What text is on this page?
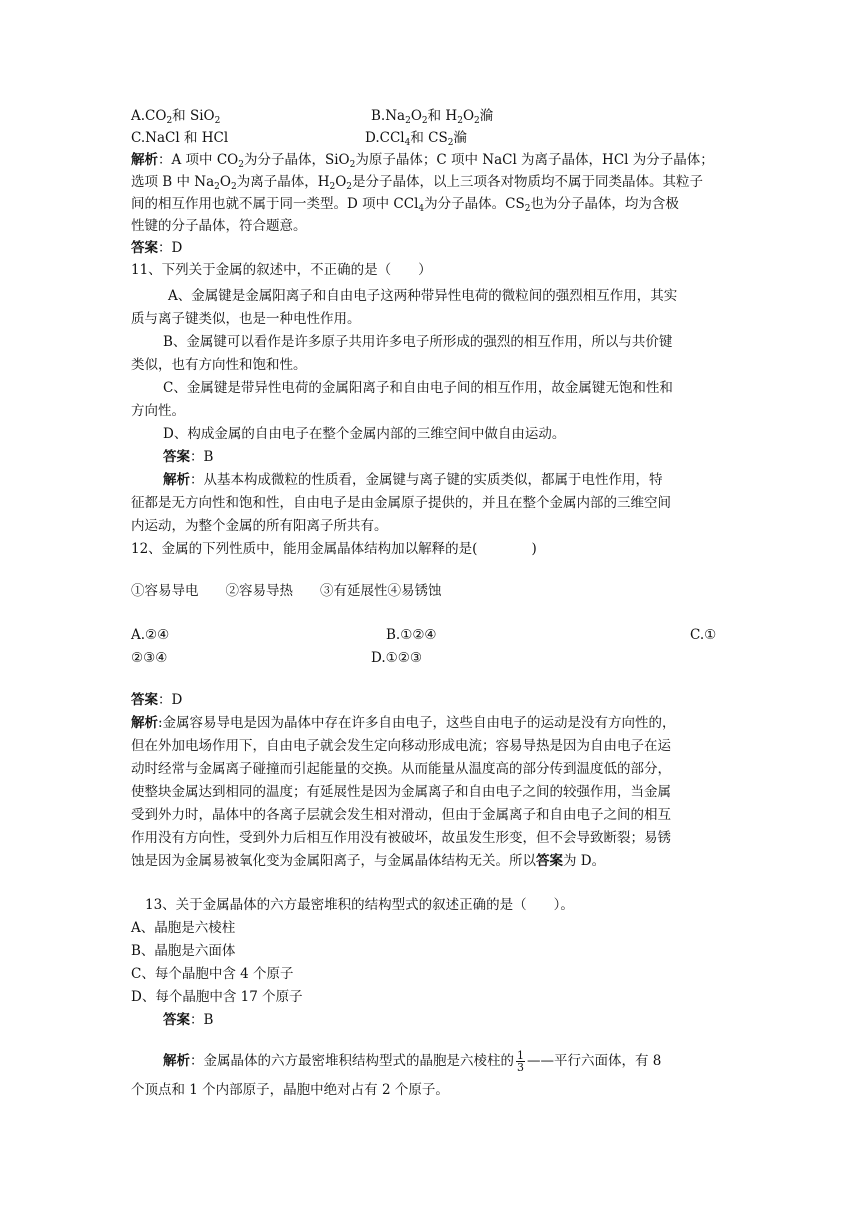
$A.CO_2$和 SiO$_2$	$B.Na_2O_2$和 $H_2O_2$溣
C.NaCl 和 HCl	D.CCl$_4$和 $CS_2$溣
解析：A 项中 $CO_2$为分子晶体，SiO$_2$为原子晶体；C 项中 NaCl 为离子晶体，HCl 为分子晶体；
选项 B 中 $Na_2O_2$为离子晶体，$H_2O_2$是分子晶体，以上三项各对物质均不属于同类晶体。其粒子
间的相互作用也就不属于同一类型。D 项中 CCl$_4$为分子晶体。$CS_2$也为分子晶体，均为含极
性键的分子晶体，符合题意。
答案：D
11、下列关于金属的叙述中，不正确的是（　　）
A、金属键是金属阳离子和自由电子这两种带异性电荷的微粒间的强烈相互作用，其实
质与离子键类似，也是一种电性作用。
B、金属键可以看作是许多原子共用许多电子所形成的强烈的相互作用，所以与共价键
类似，也有方向性和饱和性。
C、金属键是带异性电荷的金属阳离子和自由电子间的相互作用，故金属键无饱和性和
方向性。
D、构成金属的自由电子在整个金属内部的三维空间中做自由运动。
答案：B
解析：从基本构成微粒的性质看，金属键与离子键的实质类似，都属于电性作用，特
征都是无方向性和饱和性，自由电子是由金属原子提供的，并且在整个金属内部的三维空间
内运动，为整个金属的所有阳离子所共有。
12、金属的下列性质中，能用金属晶体结构加以解释的是(　　　　)
①容易导电　　②容易导热　　③有延展性④易锈蚀
A.②④	B.①②④	C.①
②③④	D.①②③
答案：D
解析:金属容易导电是因为晶体中存在许多自由电子，这些自由电子的运动是没有方向性的，
但在外加电场作用下，自由电子就会发生定向移动形成电流；容易导热是因为自由电子在运
动时经常与金属离子碰撞而引起能量的交换。从而能量从温度高的部分传到温度低的部分，
使整块金属达到相同的温度；有延展性是因为金属离子和自由电子之间的较强作用，当金属
受到外力时，晶体中的各离子层就会发生相对滑动，但由于金属离子和自由电子之间的相互
作用没有方向性，受到外力后相互作用没有被破坏，故虽发生形变，但不会导致断裂；易锈
蚀是因为金属易被氧化变为金属阳离子，与金属晶体结构无关。所以答案为 D。
13、关于金属晶体的六方最密堆积的结构型式的叙述正确的是（　　）。
A、晶胞是六棱柱
B、晶胞是六面体
C、每个晶胞中含 4 个原子
D、每个晶胞中含 17 个原子
答案：B
解析：金属晶体的六方最密堆积结构型式的晶胞是六棱柱的 $\frac{1}{3}$ ——平行六面体，有 8
个顶点和 1 个内部原子，晶胞中绝对占有 2 个原子。
